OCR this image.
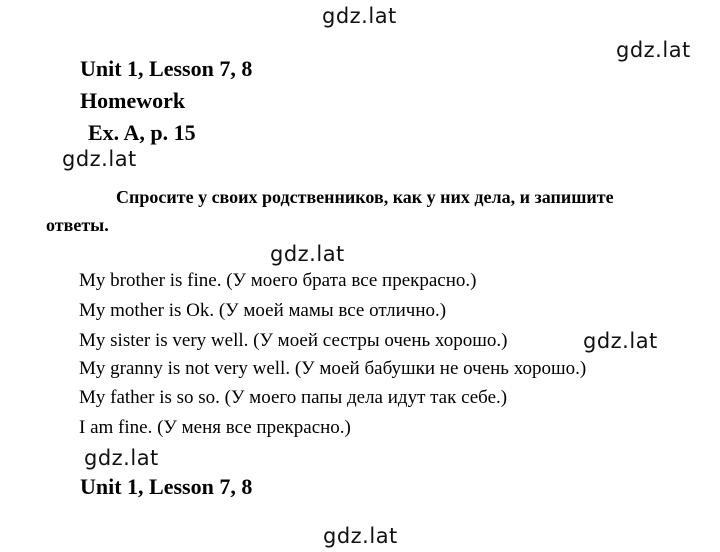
gdz.lat
gdz.lat
gdz.lat
gdz.lat
gdz.lat
gdz.lat
gdz.lat
Unit 1, Lesson 7, 8
Homework
Ex. A, p. 15
Спросите у своих родственников, как у них дела, и запишите
ответы.
My brother is fine. (У моего брата все прекрасно.)
My mother is Ok. (У моей мамы все отлично.)
My sister is very well. (У моей сестры очень хорошо.)
My granny is not very well. (У моей бабушки не очень хорошо.)
My father is so so. (У моего папы дела идут так себе.)
I am fine. (У меня все прекрасно.)
Unit 1, Lesson 7, 8
